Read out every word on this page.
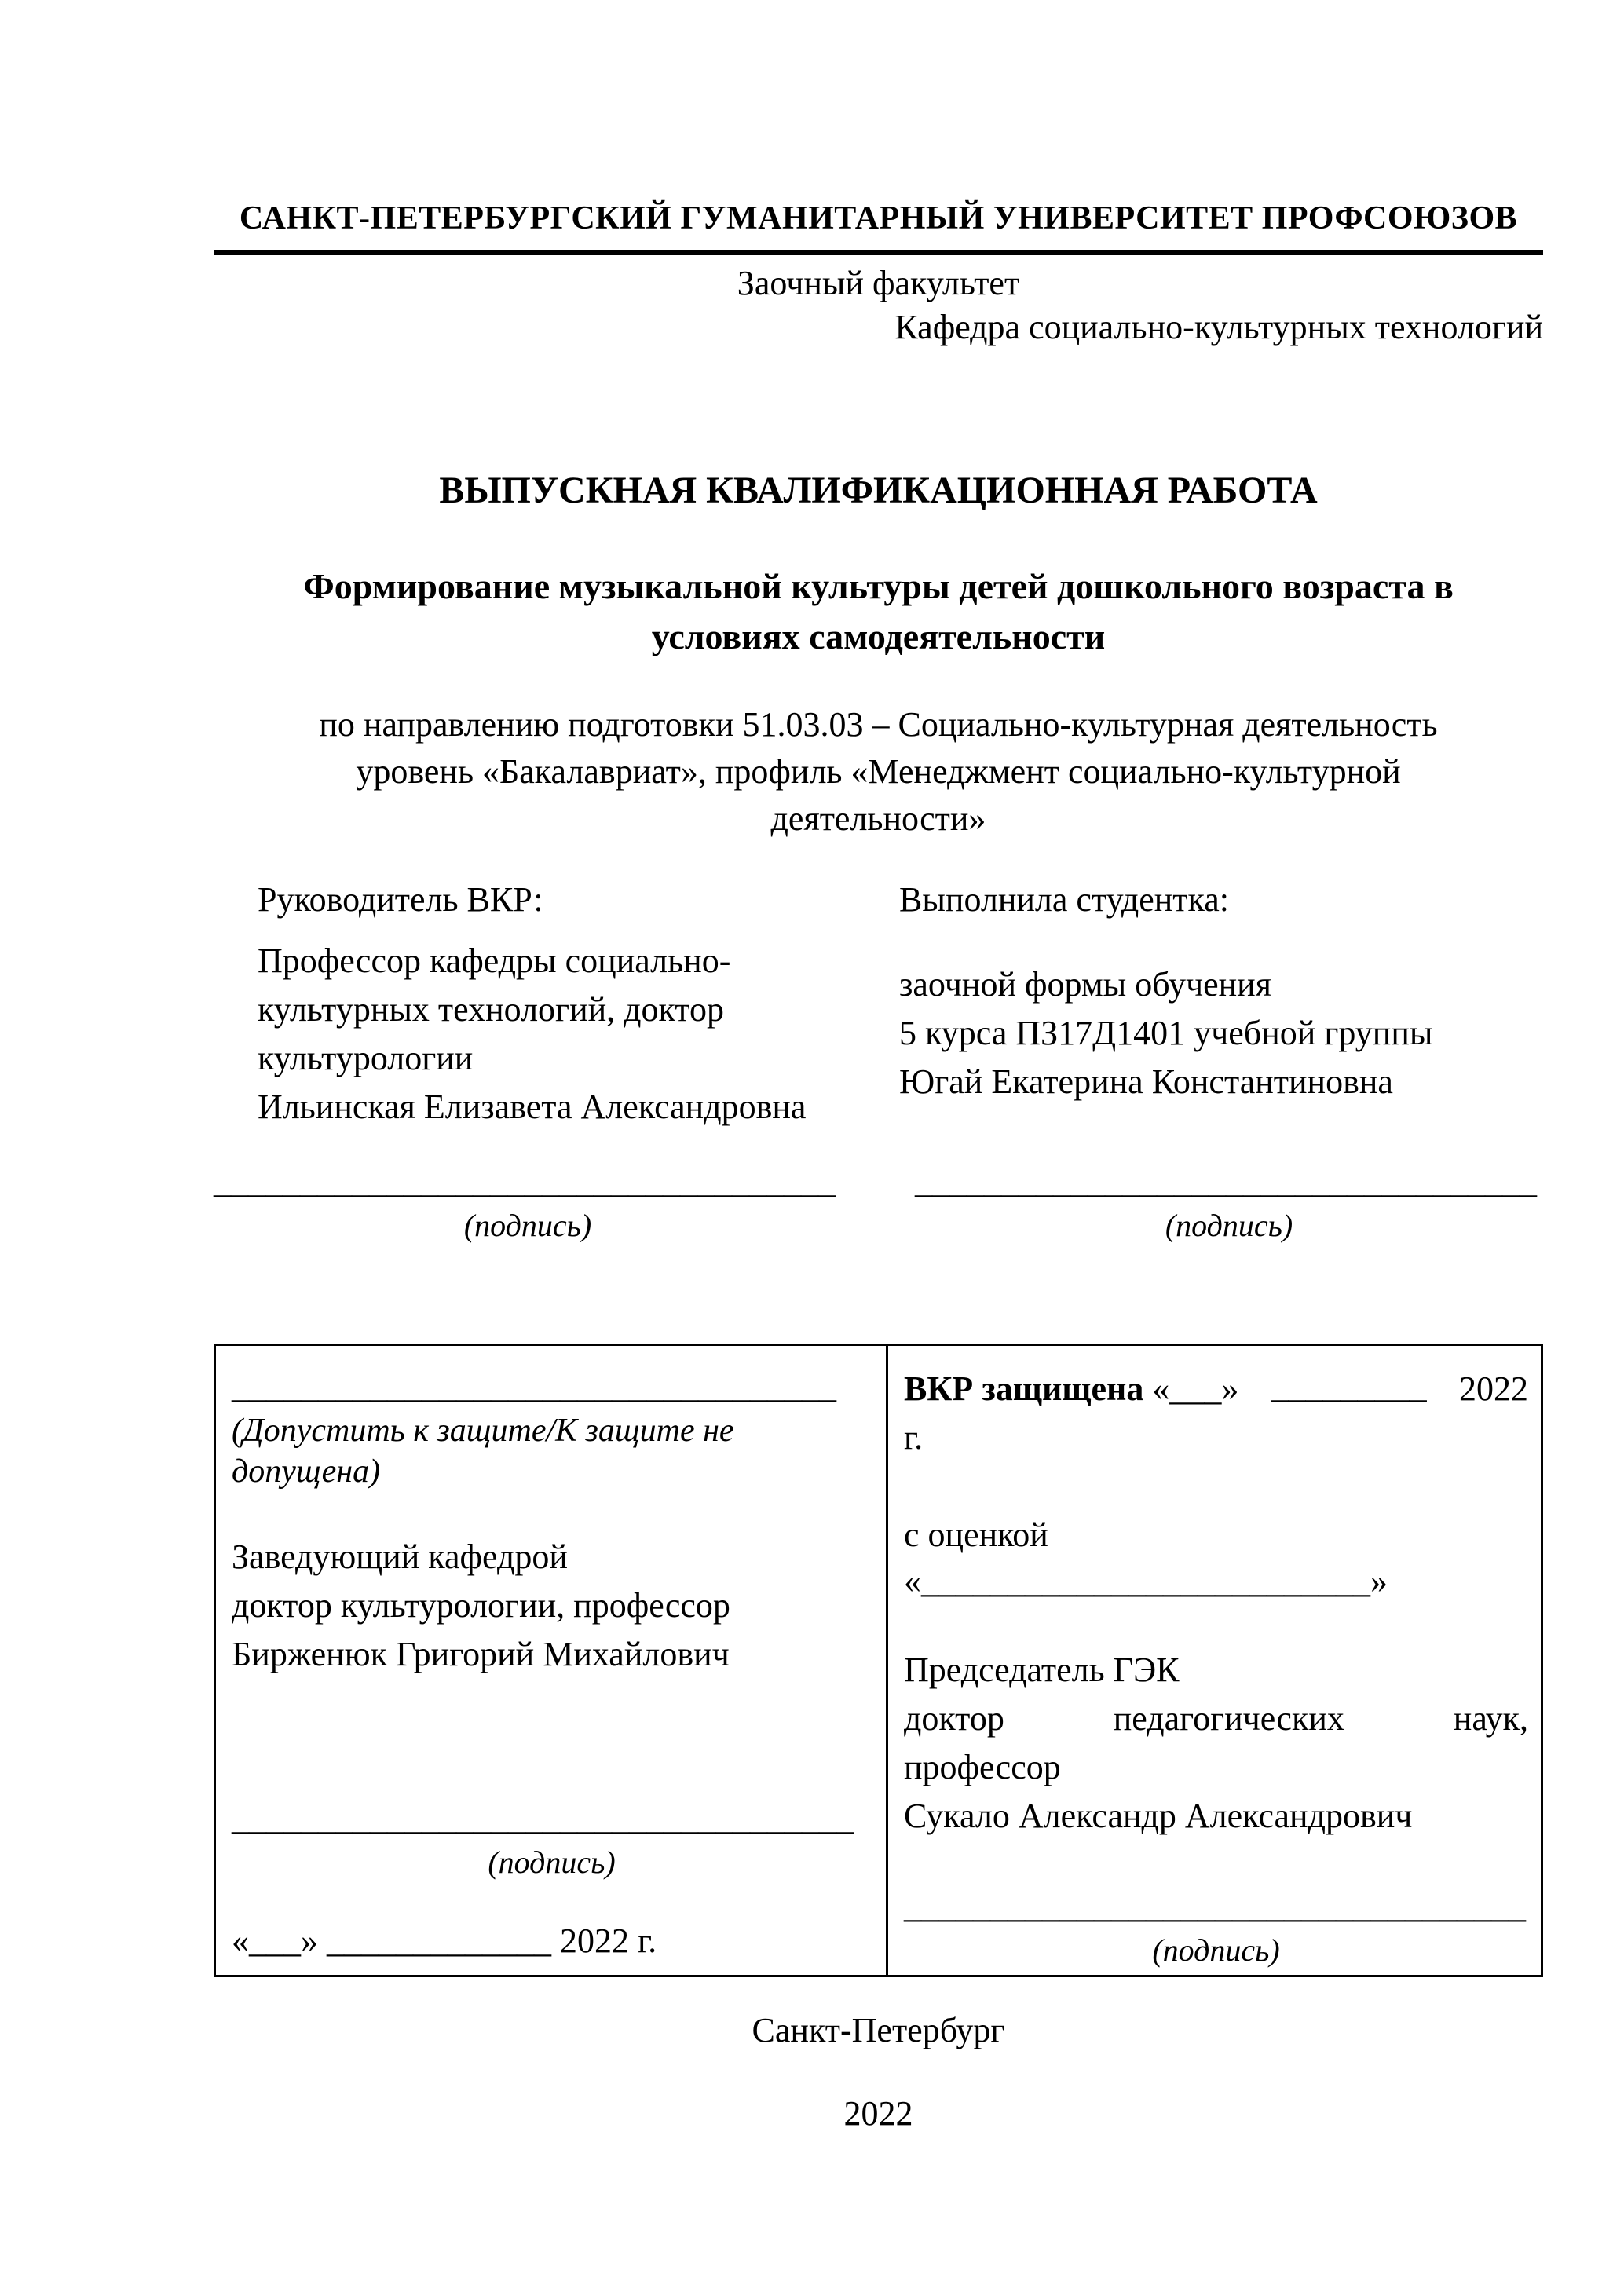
САНКТ-ПЕТЕРБУРГСКИЙ ГУМАНИТАРНЫЙ УНИВЕРСИТЕТ ПРОФСОЮЗОВ
Заочный факультет
Кафедра социально-культурных технологий
ВЫПУСКНАЯ КВАЛИФИКАЦИОННАЯ РАБОТА
Формирование музыкальной культуры детей дошкольного возраста в
условиях самодеятельности
по направлению подготовки 51.03.03 – Социально-культурная деятельность
уровень «Бакалавриат», профиль «Менеджмент социально-культурной
деятельности»
Руководитель ВКР:
Профессор кафедры социально-
культурных технологий, доктор
культурологии
Ильинская Елизавета Александровна
Выполнила студентка:
заочной формы обучения
5 курса ПЗ17Д1401 учебной группы
Югай Екатерина Константиновна
____________________________________
(подпись)
____________________________________
(подпись)
___________________________________
(Допустить к защите/К защите не допущена)
Заведующий кафедрой
доктор культурологии, профессор
Бирженюк Григорий Михайлович
____________________________________
(подпись)
«___» _____________ 2022 г.

ВКР защищена «___» _________ 2022
г.
с оценкой
«__________________________»
Председатель ГЭК
доктор	педагогических	наук,
профессор
Сукало Александр Александрович
____________________________________
(подпись)
Санкт-Петербург
2022
